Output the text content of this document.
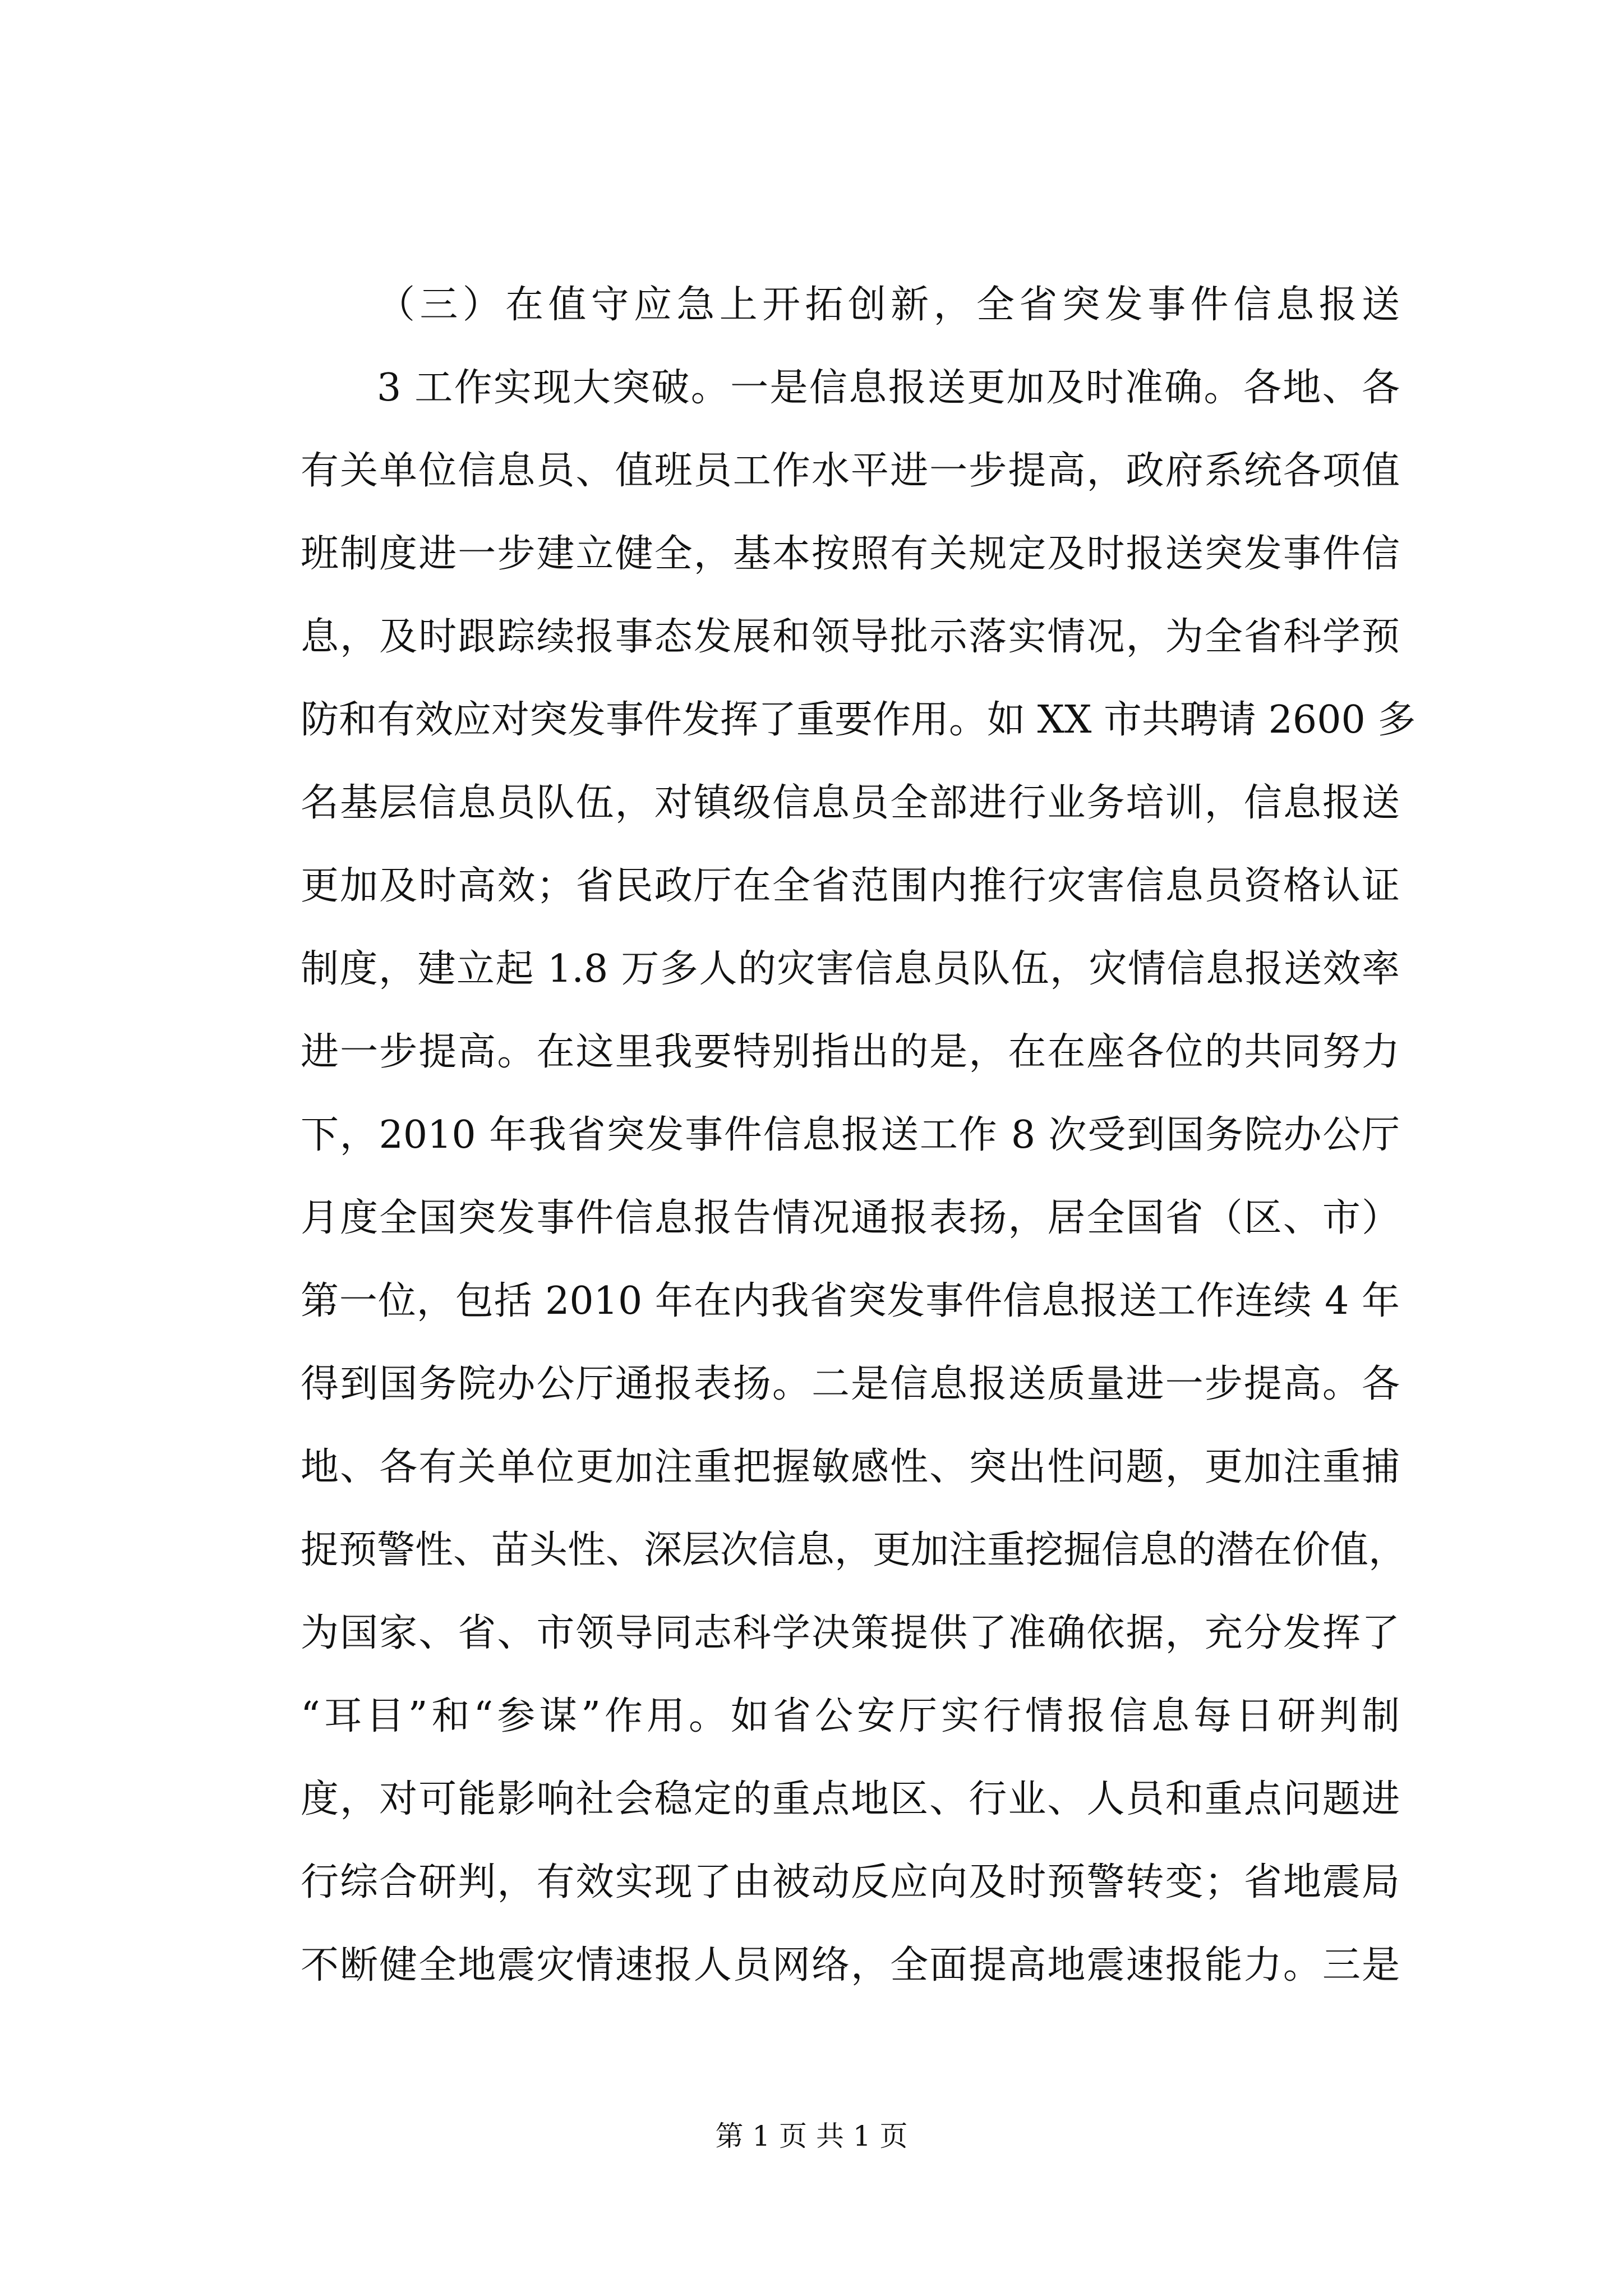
（三）在值守应急上开拓创新，全省突发事件信息报送
3 工作实现大突破。一是信息报送更加及时准确。各地、各
有关单位信息员、值班员工作水平进一步提高，政府系统各项值
班制度进一步建立健全，基本按照有关规定及时报送突发事件信
息，及时跟踪续报事态发展和领导批示落实情况，为全省科学预
防和有效应对突发事件发挥了重要作用。如 XX 市共聘请 2600 多
名基层信息员队伍，对镇级信息员全部进行业务培训，信息报送
更加及时高效；省民政厅在全省范围内推行灾害信息员资格认证
制度，建立起 1.8 万多人的灾害信息员队伍，灾情信息报送效率
进一步提高。在这里我要特别指出的是，在在座各位的共同努力
下，2010 年我省突发事件信息报送工作 8 次受到国务院办公厅
月度全国突发事件信息报告情况通报表扬，居全国省（区、市）
第一位，包括 2010 年在内我省突发事件信息报送工作连续 4 年
得到国务院办公厅通报表扬。二是信息报送质量进一步提高。各
地、各有关单位更加注重把握敏感性、突出性问题，更加注重捕
捉预警性、苗头性、深层次信息，更加注重挖掘信息的潜在价值，
为国家、省、市领导同志科学决策提供了准确依据，充分发挥了
“耳目”和“参谋”作用。如省公安厅实行情报信息每日研判制
度，对可能影响社会稳定的重点地区、行业、人员和重点问题进
行综合研判，有效实现了由被动反应向及时预警转变；省地震局
不断健全地震灾情速报人员网络，全面提高地震速报能力。三是
第 1 页 共 1 页
